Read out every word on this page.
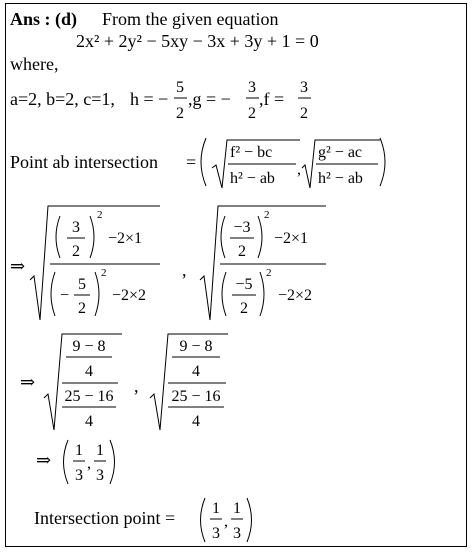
Ans : (d) From the given equation
2x² + 2y² − 5xy − 3x + 3y + 1 = 0
where,
a=2, b=2, c=1, h = −
5
2
,g = −
3
2
,f =
3
2
Point ab intersection = f² − bc
h² − ab
,
g² − ac
h² − ab
⇒
3
2
2
−2×1
−
5
2
2
−2×2
,
−3
2
2
−2×1
−5
2
2
−2×2
⇒
9 − 8
4
25 − 16
4
,
9 − 8
4
25 − 16
4
⇒ 1
3
,
1
3
Intersection point = 1
3
,
1
3
